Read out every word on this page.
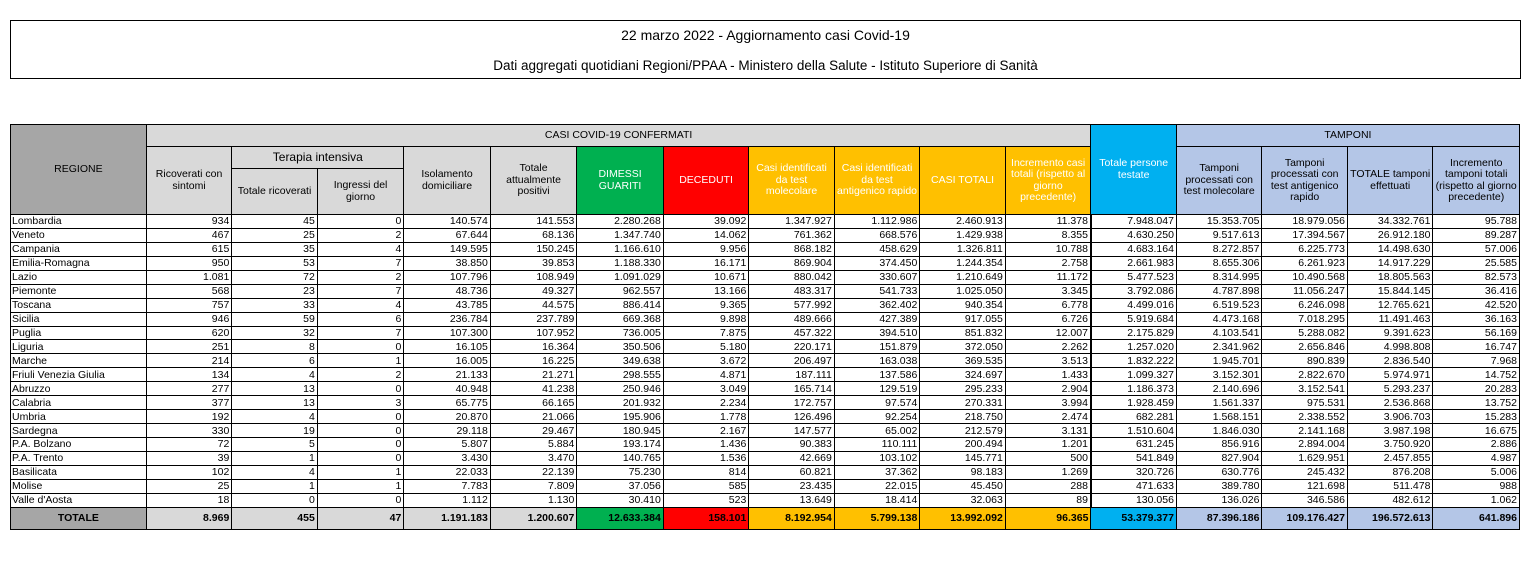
22 marzo 2022 - Aggiornamento casi Covid-19
Dati aggregati quotidiani Regioni/PPAA - Ministero della Salute - Istituto Superiore di Sanità
REGIONE	CASI COVID-19 CONFERMATI											Totale persone testate	TAMPONI			
	Ricoverati con sintomi	Terapia intensiva		Isolamento domiciliare	Totale attualmente positivi	DIMESSI GUARITI	DECEDUTI	Casi identificati da test molecolare	Casi identificati da test antigenico rapido	CASI TOTALI	Incremento casi totali (rispetto al giorno precedente)		Tamponi processati con test molecolare	Tamponi processati con test antigenico rapido	TOTALE tamponi effettuati	Incremento tamponi totali (rispetto al giorno precedente)
		Totale ricoverati	Ingressi del giorno													
Lombardia	934	45	0	140.574	141.553	2.280.268	39.092	1.347.927	1.112.986	2.460.913	11.378	7.948.047	15.353.705	18.979.056	34.332.761	95.788
Veneto	467	25	2	67.644	68.136	1.347.740	14.062	761.362	668.576	1.429.938	8.355	4.630.250	9.517.613	17.394.567	26.912.180	89.287
Campania	615	35	4	149.595	150.245	1.166.610	9.956	868.182	458.629	1.326.811	10.788	4.683.164	8.272.857	6.225.773	14.498.630	57.006
Emilia-Romagna	950	53	7	38.850	39.853	1.188.330	16.171	869.904	374.450	1.244.354	2.758	2.661.983	8.655.306	6.261.923	14.917.229	25.585
Lazio	1.081	72	2	107.796	108.949	1.091.029	10.671	880.042	330.607	1.210.649	11.172	5.477.523	8.314.995	10.490.568	18.805.563	82.573
Piemonte	568	23	7	48.736	49.327	962.557	13.166	483.317	541.733	1.025.050	3.345	3.792.086	4.787.898	11.056.247	15.844.145	36.416
Toscana	757	33	4	43.785	44.575	886.414	9.365	577.992	362.402	940.354	6.778	4.499.016	6.519.523	6.246.098	12.765.621	42.520
Sicilia	946	59	6	236.784	237.789	669.368	9.898	489.666	427.389	917.055	6.726	5.919.684	4.473.168	7.018.295	11.491.463	36.163
Puglia	620	32	7	107.300	107.952	736.005	7.875	457.322	394.510	851.832	12.007	2.175.829	4.103.541	5.288.082	9.391.623	56.169
Liguria	251	8	0	16.105	16.364	350.506	5.180	220.171	151.879	372.050	2.262	1.257.020	2.341.962	2.656.846	4.998.808	16.747
Marche	214	6	1	16.005	16.225	349.638	3.672	206.497	163.038	369.535	3.513	1.832.222	1.945.701	890.839	2.836.540	7.968
Friuli Venezia Giulia	134	4	2	21.133	21.271	298.555	4.871	187.111	137.586	324.697	1.433	1.099.327	3.152.301	2.822.670	5.974.971	14.752
Abruzzo	277	13	0	40.948	41.238	250.946	3.049	165.714	129.519	295.233	2.904	1.186.373	2.140.696	3.152.541	5.293.237	20.283
Calabria	377	13	3	65.775	66.165	201.932	2.234	172.757	97.574	270.331	3.994	1.928.459	1.561.337	975.531	2.536.868	13.752
Umbria	192	4	0	20.870	21.066	195.906	1.778	126.496	92.254	218.750	2.474	682.281	1.568.151	2.338.552	3.906.703	15.283
Sardegna	330	19	0	29.118	29.467	180.945	2.167	147.577	65.002	212.579	3.131	1.510.604	1.846.030	2.141.168	3.987.198	16.675
P.A. Bolzano	72	5	0	5.807	5.884	193.174	1.436	90.383	110.111	200.494	1.201	631.245	856.916	2.894.004	3.750.920	2.886
P.A. Trento	39	1	0	3.430	3.470	140.765	1.536	42.669	103.102	145.771	500	541.849	827.904	1.629.951	2.457.855	4.987
Basilicata	102	4	1	22.033	22.139	75.230	814	60.821	37.362	98.183	1.269	320.726	630.776	245.432	876.208	5.006
Molise	25	1	1	7.783	7.809	37.056	585	23.435	22.015	45.450	288	471.633	389.780	121.698	511.478	988
Valle d'Aosta	18	0	0	1.112	1.130	30.410	523	13.649	18.414	32.063	89	130.056	136.026	346.586	482.612	1.062
TOTALE	8.969	455	47	1.191.183	1.200.607	12.633.384	158.101	8.192.954	5.799.138	13.992.092	96.365	53.379.377	87.396.186	109.176.427	196.572.613	641.896
